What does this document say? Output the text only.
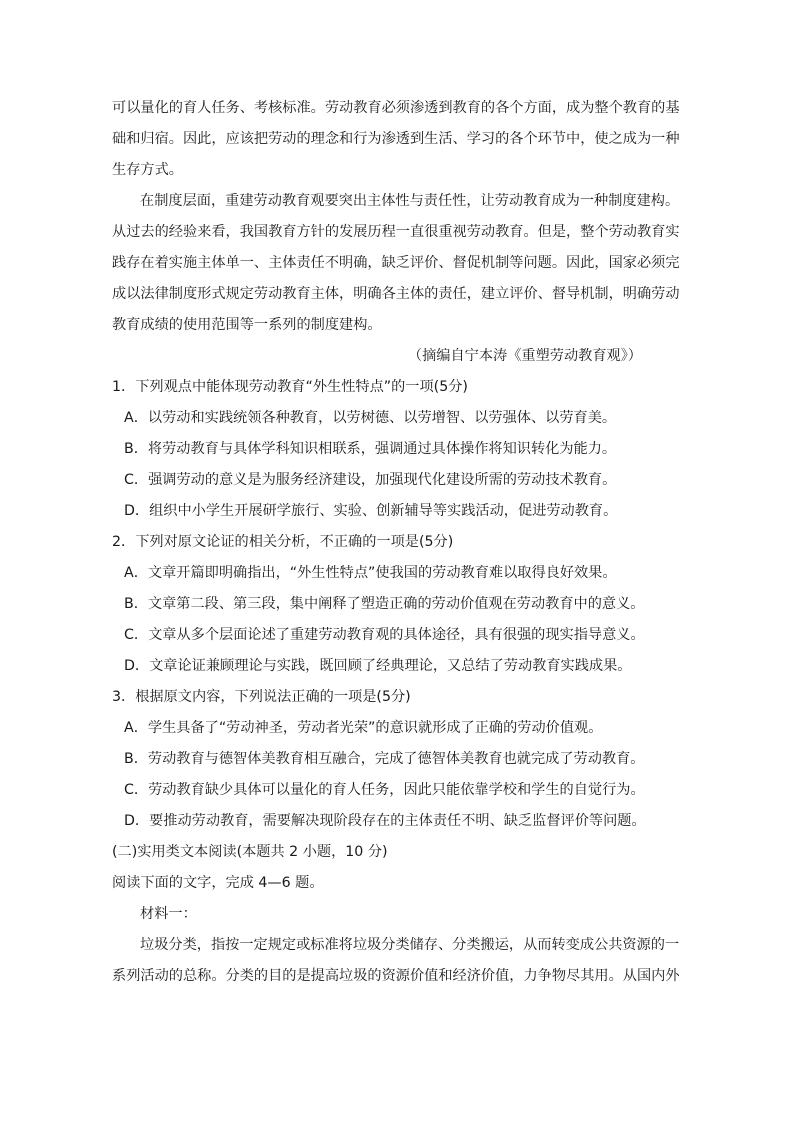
可以量化的育人任务、考核标准。劳动教育必须渗透到教育的各个方面，成为整个教育的基
础和归宿。因此，应该把劳动的理念和行为渗透到生活、学习的各个环节中，使之成为一种
生存方式。
在制度层面，重建劳动教育观要突出主体性与责任性，让劳动教育成为一种制度建构。
从过去的经验来看，我国教育方针的发展历程一直很重视劳动教育。但是，整个劳动教育实
践存在着实施主体单一、主体责任不明确，缺乏评价、督促机制等问题。因此，国家必须完
成以法律制度形式规定劳动教育主体，明确各主体的责任，建立评价、督导机制，明确劳动
教育成绩的使用范围等一系列的制度建构。
（摘编自宁本涛《重塑劳动教育观》）
1．下列观点中能体现劳动教育“外生性特点”的一项(5分)
A．以劳动和实践统领各种教育，以劳树德、以劳增智、以劳强体、以劳育美。
B．将劳动教育与具体学科知识相联系，强调通过具体操作将知识转化为能力。
C．强调劳动的意义是为服务经济建设，加强现代化建设所需的劳动技术教育。
D．组织中小学生开展研学旅行、实验、创新辅导等实践活动，促进劳动教育。
2．下列对原文论证的相关分析，不正确的一项是(5分)
A．文章开篇即明确指出，“外生性特点”使我国的劳动教育难以取得良好效果。
B．文章第二段、第三段，集中阐释了塑造正确的劳动价值观在劳动教育中的意义。
C．文章从多个层面论述了重建劳动教育观的具体途径，具有很强的现实指导意义。
D．文章论证兼顾理论与实践，既回顾了经典理论，又总结了劳动教育实践成果。
3．根据原文内容，下列说法正确的一项是(5分)
A．学生具备了“劳动神圣，劳动者光荣”的意识就形成了正确的劳动价值观。
B．劳动教育与德智体美教育相互融合，完成了德智体美教育也就完成了劳动教育。
C．劳动教育缺少具体可以量化的育人任务，因此只能依靠学校和学生的自觉行为。
D．要推动劳动教育，需要解决现阶段存在的主体责任不明、缺乏监督评价等问题。
(二)实用类文本阅读(本题共 2 小题，10 分)
阅读下面的文字，完成 4—6 题。
材料一：
垃圾分类，指按一定规定或标准将垃圾分类储存、分类搬运，从而转变成公共资源的一
系列活动的总称。分类的目的是提高垃圾的资源价值和经济价值，力争物尽其用。从国内外
